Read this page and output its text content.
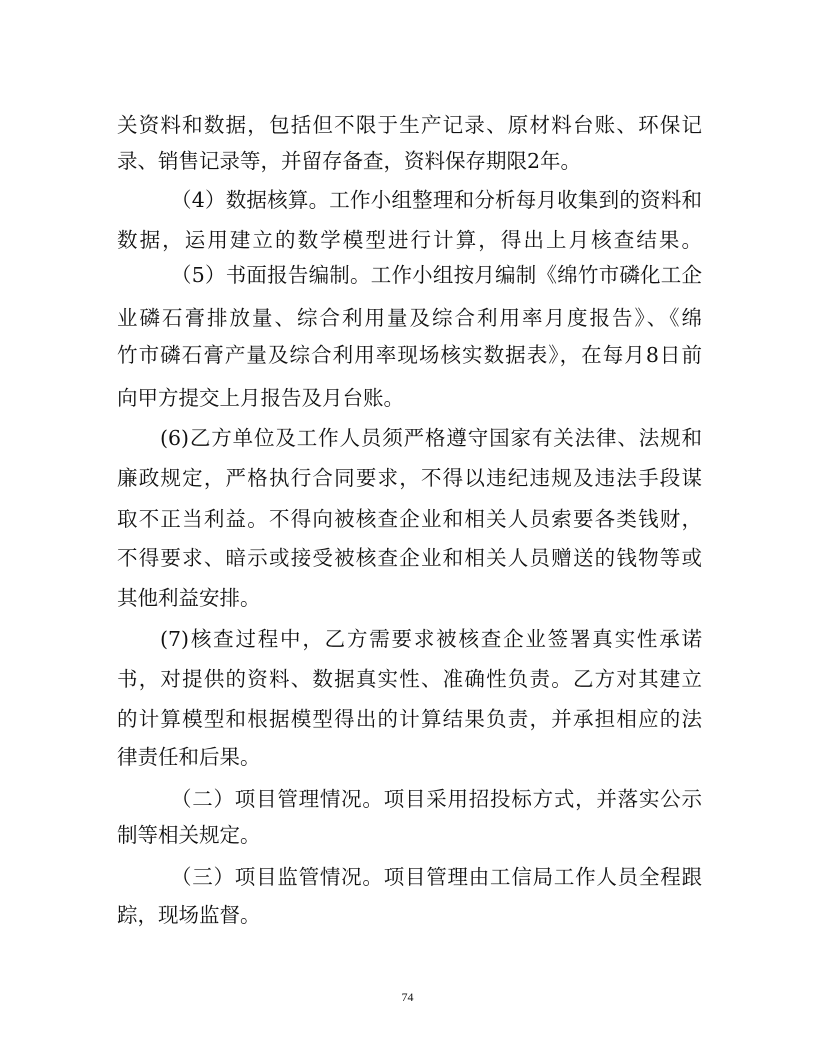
关资料和数据，包括但不限于生产记录、原材料台账、环保记
录、销售记录等，并留存备查，资料保存期限2年。
（4）数据核算。工作小组整理和分析每月收集到的资料和
数据，运用建立的数学模型进行计算，得出上月核查结果。
（5）书面报告编制。工作小组按月编制《绵竹市磷化工企
业磷石膏排放量、综合利用量及综合利用率月度报告》、《绵
竹市磷石膏产量及综合利用率现场核实数据表》，在每月8日前
向甲方提交上月报告及月台账。
(6)乙方单位及工作人员须严格遵守国家有关法律、法规和
廉政规定，严格执行合同要求，不得以违纪违规及违法手段谋
取不正当利益。不得向被核查企业和相关人员索要各类钱财，
不得要求、暗示或接受被核查企业和相关人员赠送的钱物等或
其他利益安排。
(7)核查过程中，乙方需要求被核查企业签署真实性承诺
书，对提供的资料、数据真实性、准确性负责。乙方对其建立
的计算模型和根据模型得出的计算结果负责，并承担相应的法
律责任和后果。
（二）项目管理情况。项目采用招投标方式，并落实公示
制等相关规定。
（三）项目监管情况。项目管理由工信局工作人员全程跟
踪，现场监督。
74
